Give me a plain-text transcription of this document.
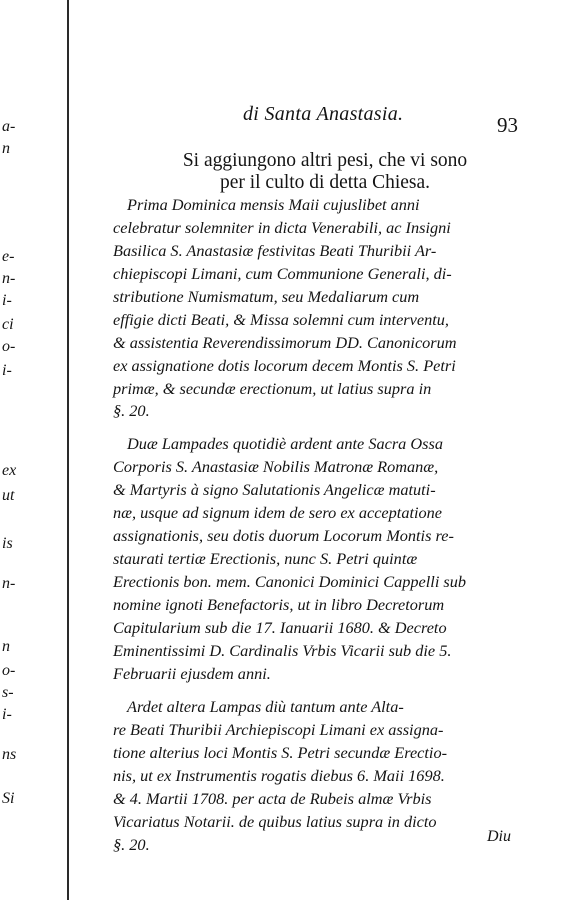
a-
n
e-
n-
i-
ci
o-
i-
ex
ut
is
n-
n
o-
s-
i-
ns
Si
di Santa Anastasia.	93
Si aggiungono altri pesi, che vi sono
per il culto di detta Chiesa.
Prima Dominica mensis Maii cujuslibet anni
celebratur solemniter in dicta Venerabili, ac Insigni
Basilica S. Anastasiæ festivitas Beati Thuribii Ar-
chiepiscopi Limani, cum Communione Generali, di-
stributione Numismatum, seu Medaliarum cum
effigie dicti Beati, & Missa solemni cum interventu,
& assistentia Reverendissimorum DD. Canonicorum
ex assignatione dotis locorum decem Montis S. Petri
primæ, & secundæ erectionum, ut latius supra in
§. 20.
Duæ Lampades quotidiè ardent ante Sacra Ossa
Corporis S. Anastasiæ Nobilis Matronæ Romanæ,
& Martyris à signo Salutationis Angelicæ matuti-
næ, usque ad signum idem de sero ex acceptatione
assignationis, seu dotis duorum Locorum Montis re-
staurati tertiæ Erectionis, nunc S. Petri quintæ
Erectionis bon. mem. Canonici Dominici Cappelli sub
nomine ignoti Benefactoris, ut in libro Decretorum
Capitularium sub die 17. Ianuarii 1680. & Decreto
Eminentissimi D. Cardinalis Vrbis Vicarii sub die 5.
Februarii ejusdem anni.
Ardet altera Lampas diù tantum ante Alta-
re Beati Thuribii Archiepiscopi Limani ex assigna-
tione alterius loci Montis S. Petri secundæ Erectio-
nis, ut ex Instrumentis rogatis diebus 6. Maii 1698.
& 4. Martii 1708. per acta de Rubeis almæ Vrbis
Vicariatus Notarii. de quibus latius supra in dicto
§. 20.	Diu
